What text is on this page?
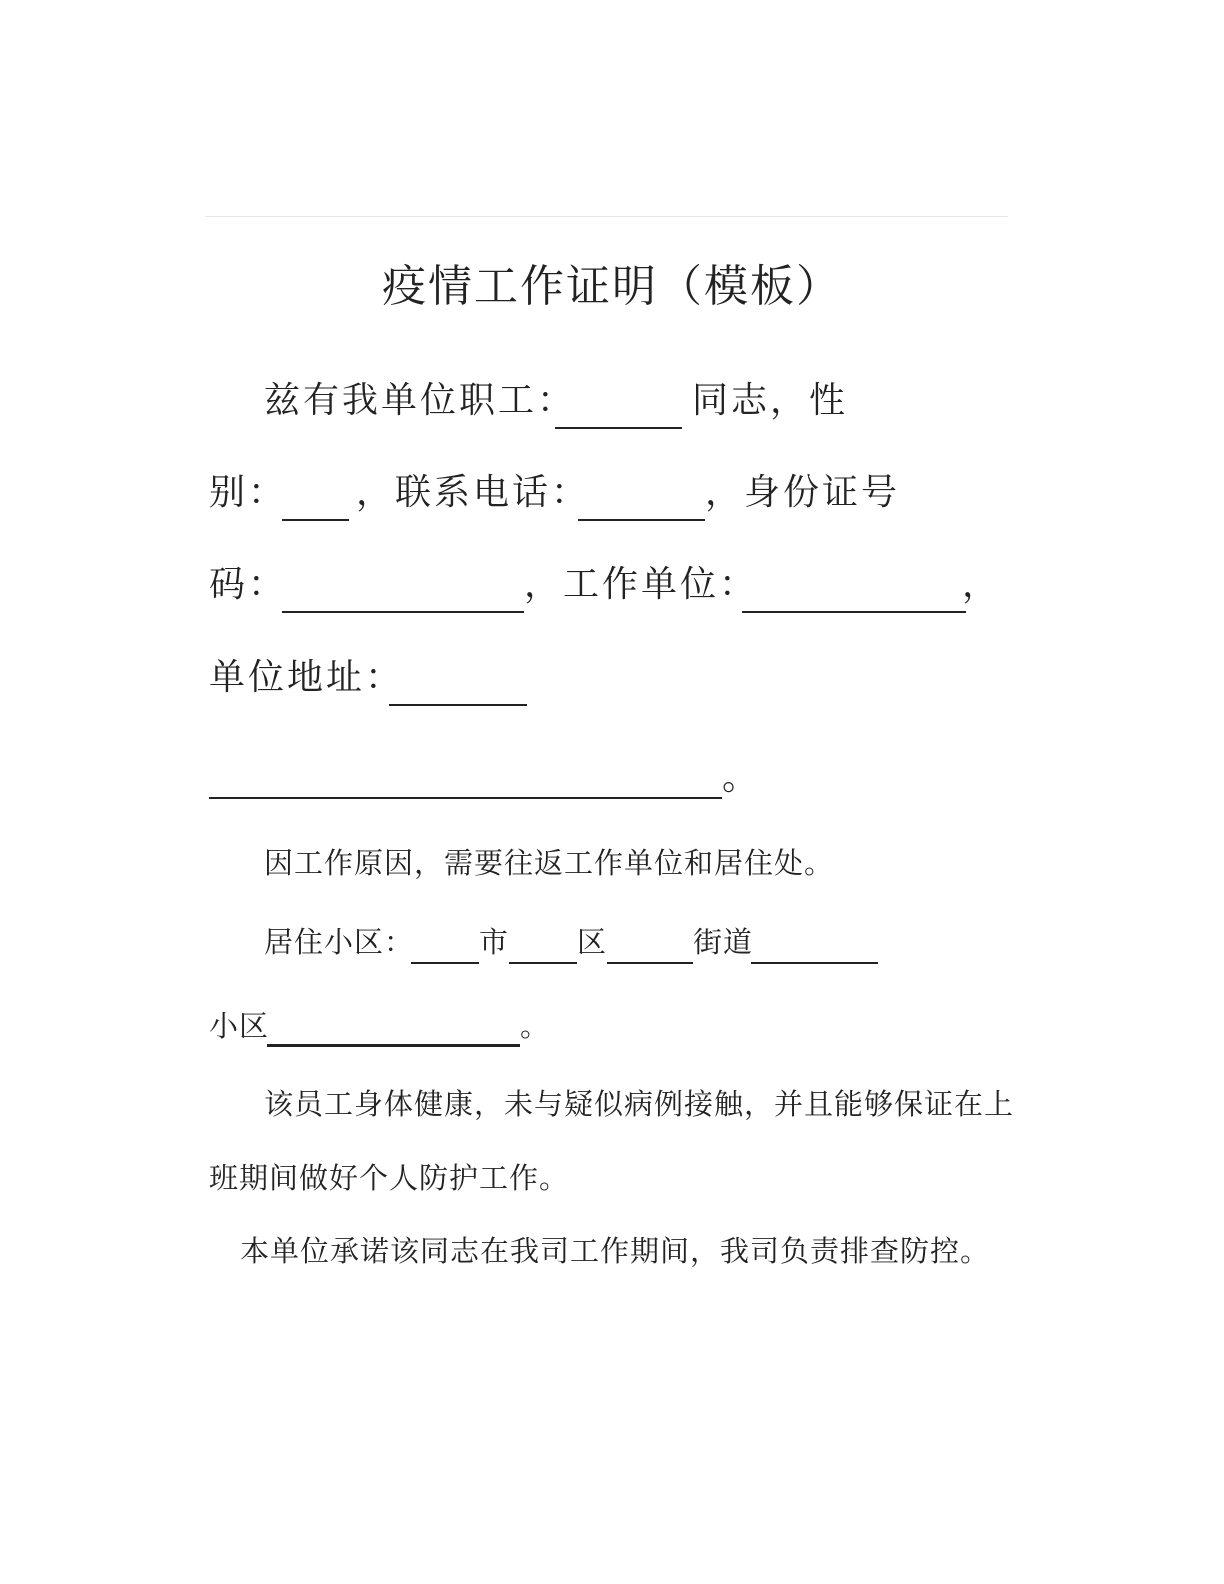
疫情工作证明（模板）
兹有我单位职工：	同志，性
别： ，联系电话：	，身份证号
码：	，工作单位：	，
单位地址：
。
因工作原因，需要往返工作单位和居住处。
居住小区： 市 区	街道
小区	。
该员工身体健康，未与疑似病例接触，并且能够保证在上
班期间做好个人防护工作。
本单位承诺该同志在我司工作期间，我司负责排查防控。
